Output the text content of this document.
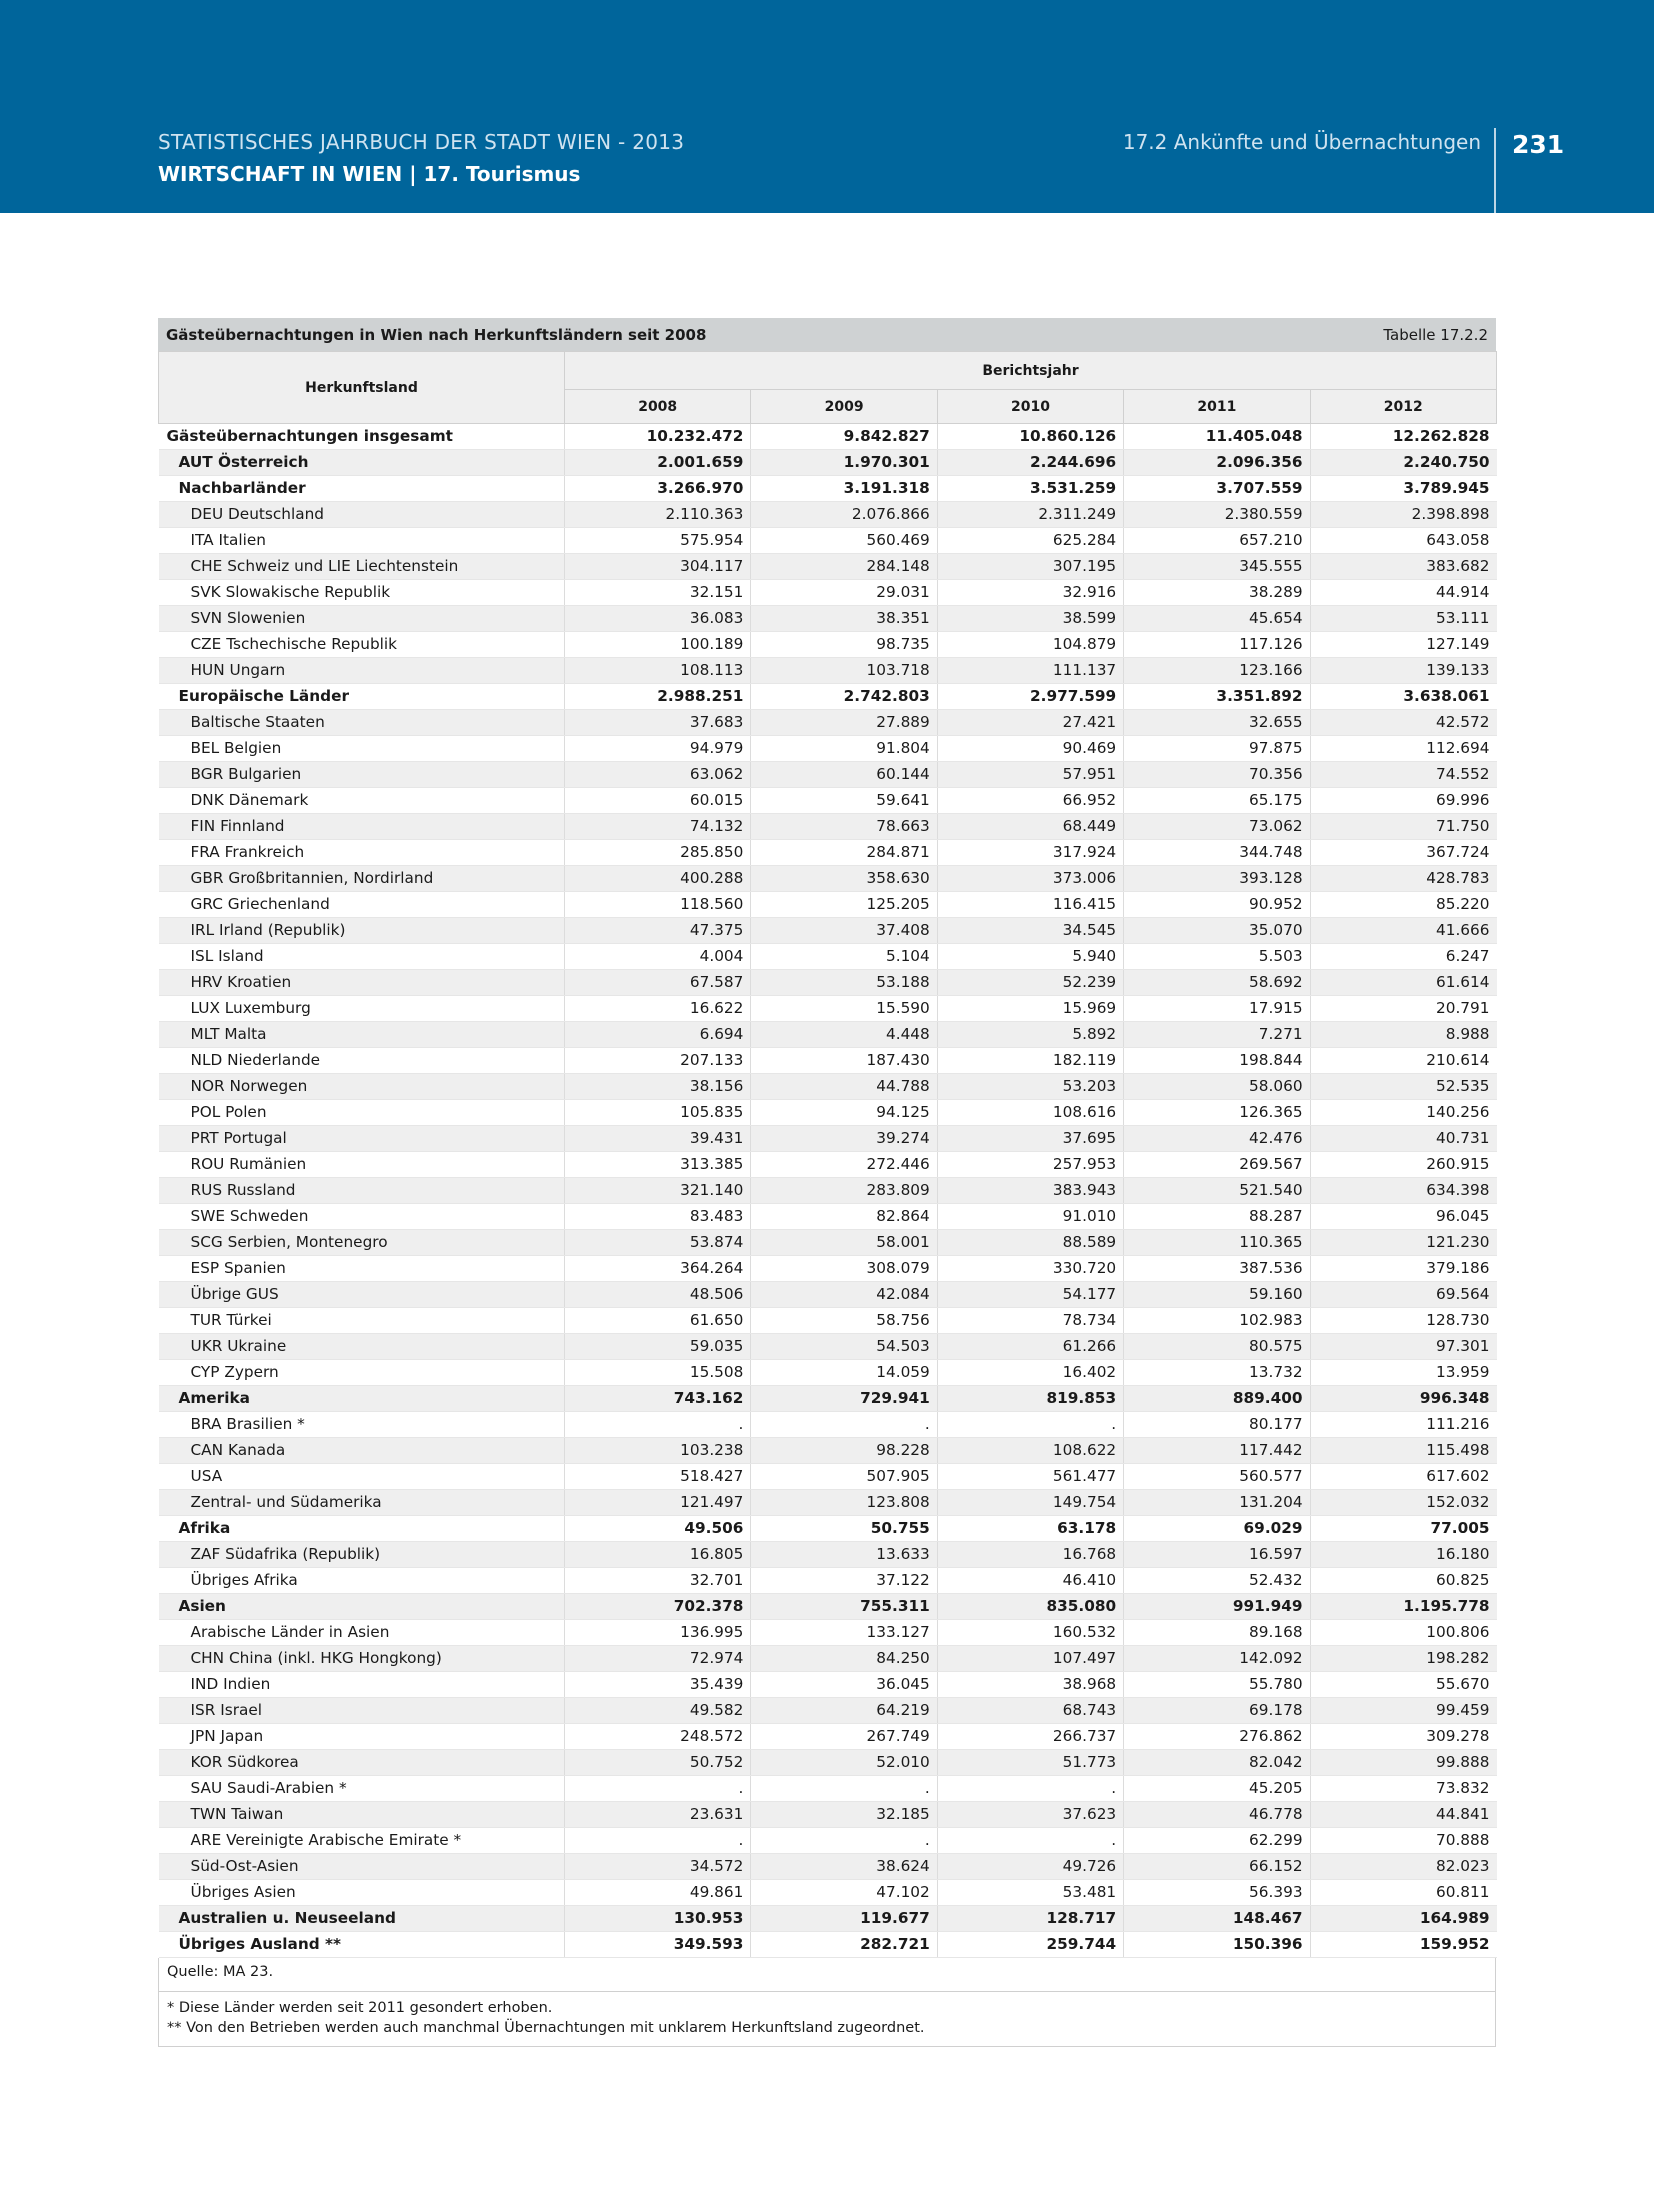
STATISTISCHES JAHRBUCH DER STADT WIEN - 2013
WIRTSCHAFT IN WIEN | 17. Tourismus
17.2 Ankünfte und Übernachtungen 231
Gästeübernachtungen in Wien nach Herkunftsländern seit 2008	Tabelle 17.2.2
Herkunftsland	Berichtsjahr				
	2008	2009	2010	2011	2012
Gästeübernachtungen insgesamt	10.232.472	9.842.827	10.860.126	11.405.048	12.262.828
AUT Österreich	2.001.659	1.970.301	2.244.696	2.096.356	2.240.750
Nachbarländer	3.266.970	3.191.318	3.531.259	3.707.559	3.789.945
DEU Deutschland	2.110.363	2.076.866	2.311.249	2.380.559	2.398.898
ITA Italien	575.954	560.469	625.284	657.210	643.058
CHE Schweiz und LIE Liechtenstein	304.117	284.148	307.195	345.555	383.682
SVK Slowakische Republik	32.151	29.031	32.916	38.289	44.914
SVN Slowenien	36.083	38.351	38.599	45.654	53.111
CZE Tschechische Republik	100.189	98.735	104.879	117.126	127.149
HUN Ungarn	108.113	103.718	111.137	123.166	139.133
Europäische Länder	2.988.251	2.742.803	2.977.599	3.351.892	3.638.061
Baltische Staaten	37.683	27.889	27.421	32.655	42.572
BEL Belgien	94.979	91.804	90.469	97.875	112.694
BGR Bulgarien	63.062	60.144	57.951	70.356	74.552
DNK Dänemark	60.015	59.641	66.952	65.175	69.996
FIN Finnland	74.132	78.663	68.449	73.062	71.750
FRA Frankreich	285.850	284.871	317.924	344.748	367.724
GBR Großbritannien, Nordirland	400.288	358.630	373.006	393.128	428.783
GRC Griechenland	118.560	125.205	116.415	90.952	85.220
IRL Irland (Republik)	47.375	37.408	34.545	35.070	41.666
ISL Island	4.004	5.104	5.940	5.503	6.247
HRV Kroatien	67.587	53.188	52.239	58.692	61.614
LUX Luxemburg	16.622	15.590	15.969	17.915	20.791
MLT Malta	6.694	4.448	5.892	7.271	8.988
NLD Niederlande	207.133	187.430	182.119	198.844	210.614
NOR Norwegen	38.156	44.788	53.203	58.060	52.535
POL Polen	105.835	94.125	108.616	126.365	140.256
PRT Portugal	39.431	39.274	37.695	42.476	40.731
ROU Rumänien	313.385	272.446	257.953	269.567	260.915
RUS Russland	321.140	283.809	383.943	521.540	634.398
SWE Schweden	83.483	82.864	91.010	88.287	96.045
SCG Serbien, Montenegro	53.874	58.001	88.589	110.365	121.230
ESP Spanien	364.264	308.079	330.720	387.536	379.186
Übrige GUS	48.506	42.084	54.177	59.160	69.564
TUR Türkei	61.650	58.756	78.734	102.983	128.730
UKR Ukraine	59.035	54.503	61.266	80.575	97.301
CYP Zypern	15.508	14.059	16.402	13.732	13.959
Amerika	743.162	729.941	819.853	889.400	996.348
BRA Brasilien *	.	.	.	80.177	111.216
CAN Kanada	103.238	98.228	108.622	117.442	115.498
USA	518.427	507.905	561.477	560.577	617.602
Zentral- und Südamerika	121.497	123.808	149.754	131.204	152.032
Afrika	49.506	50.755	63.178	69.029	77.005
ZAF Südafrika (Republik)	16.805	13.633	16.768	16.597	16.180
Übriges Afrika	32.701	37.122	46.410	52.432	60.825
Asien	702.378	755.311	835.080	991.949	1.195.778
Arabische Länder in Asien	136.995	133.127	160.532	89.168	100.806
CHN China (inkl. HKG Hongkong)	72.974	84.250	107.497	142.092	198.282
IND Indien	35.439	36.045	38.968	55.780	55.670
ISR Israel	49.582	64.219	68.743	69.178	99.459
JPN Japan	248.572	267.749	266.737	276.862	309.278
KOR Südkorea	50.752	52.010	51.773	82.042	99.888
SAU Saudi-Arabien *	.	.	.	45.205	73.832
TWN Taiwan	23.631	32.185	37.623	46.778	44.841
ARE Vereinigte Arabische Emirate *	.	.	.	62.299	70.888
Süd-Ost-Asien	34.572	38.624	49.726	66.152	82.023
Übriges Asien	49.861	47.102	53.481	56.393	60.811
Australien u. Neuseeland	130.953	119.677	128.717	148.467	164.989
Übriges Ausland **	349.593	282.721	259.744	150.396	159.952
Quelle: MA 23.
* Diese Länder werden seit 2011 gesondert erhoben.
** Von den Betrieben werden auch manchmal Übernachtungen mit unklarem Herkunftsland zugeordnet.
